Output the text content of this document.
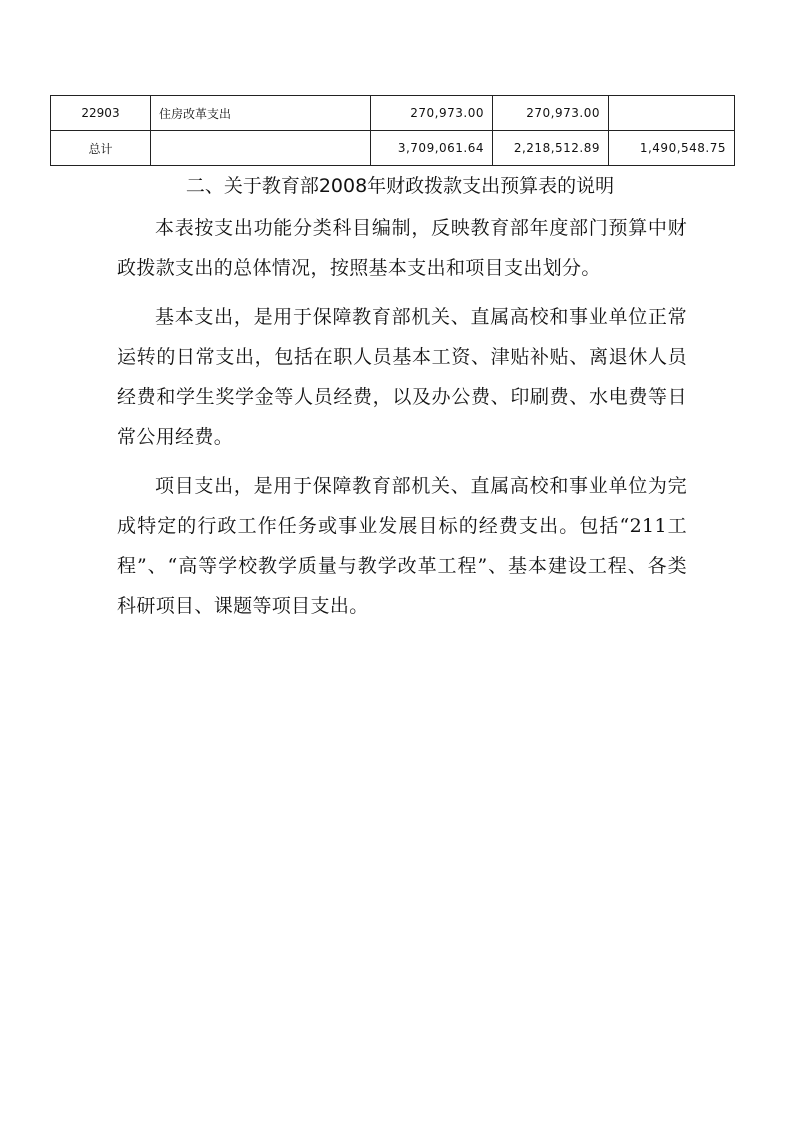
22903	住房改革支出	270,973.00	270,973.00	
总计		3,709,061.64	2,218,512.89	1,490,548.75
二、关于教育部2008年财政拨款支出预算表的说明

本表按支出功能分类科目编制，反映教育部年度部门预算中财政拨款支出的总体情况，按照基本支出和项目支出划分。

基本支出，是用于保障教育部机关、直属高校和事业单位正常运转的日常支出，包括在职人员基本工资、津贴补贴、离退休人员经费和学生奖学金等人员经费，以及办公费、印刷费、水电费等日常公用经费。

项目支出，是用于保障教育部机关、直属高校和事业单位为完成特定的行政工作任务或事业发展目标的经费支出。包括“211工程”、“高等学校教学质量与教学改革工程”、基本建设工程、各类科研项目、课题等项目支出。
